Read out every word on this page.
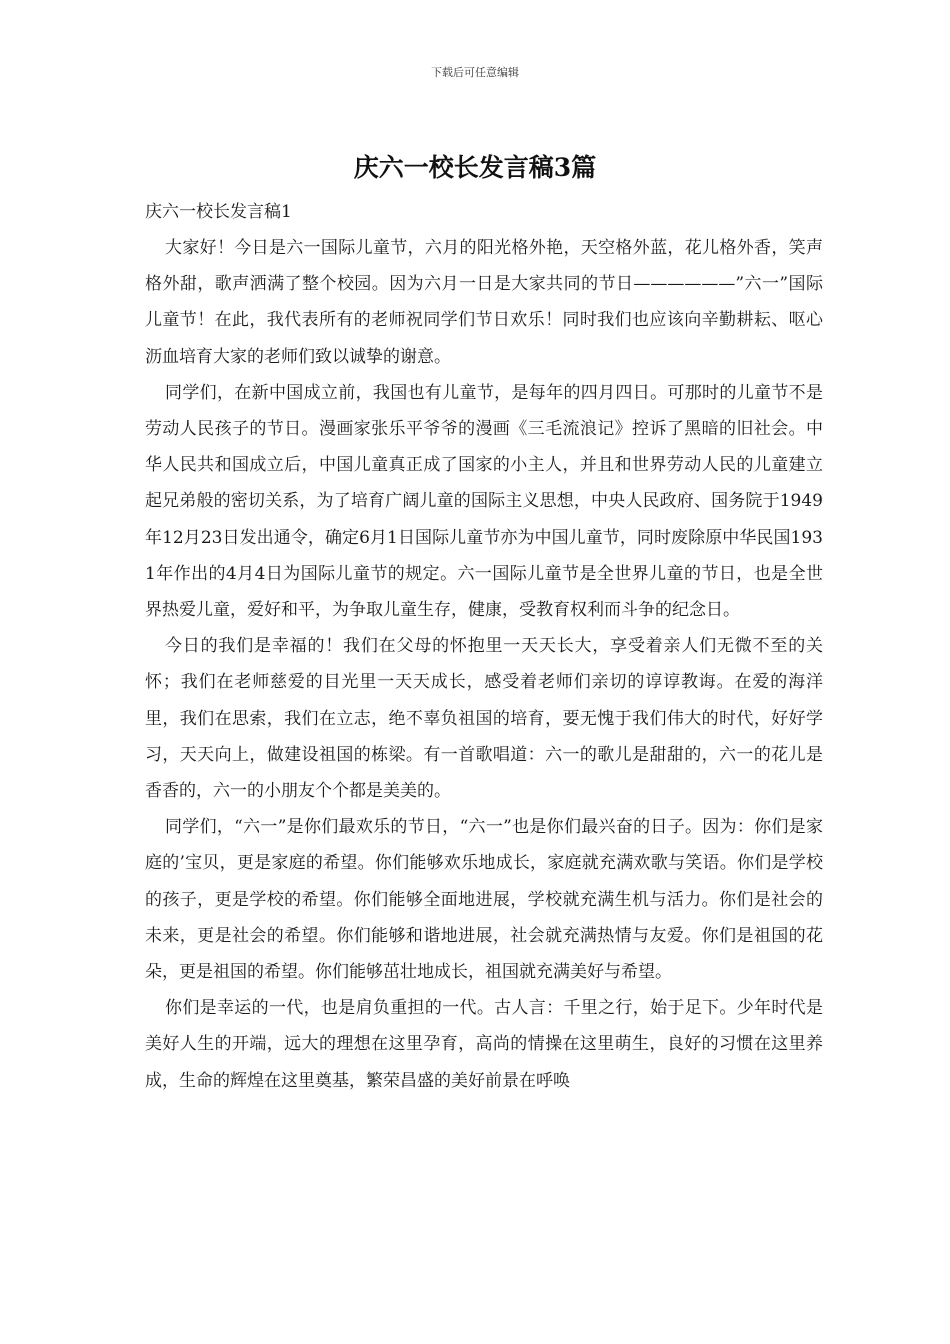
下载后可任意编辑
庆六一校长发言稿3篇

庆六一校长发言稿1

大家好！今日是六一国际儿童节，六月的阳光格外艳，天空格外蓝，花儿格外香，笑声格外甜，歌声洒满了整个校园。因为六月一日是大家共同的节日——————”六一”国际儿童节！在此，我代表所有的老师祝同学们节日欢乐！同时我们也应该向辛勤耕耘、呕心沥血培育大家的老师们致以诚挚的谢意。

同学们，在新中国成立前，我国也有儿童节，是每年的四月四日。可那时的儿童节不是劳动人民孩子的节日。漫画家张乐平爷爷的漫画《三毛流浪记》控诉了黑暗的旧社会。中华人民共和国成立后，中国儿童真正成了国家的小主人，并且和世界劳动人民的儿童建立起兄弟般的密切关系，为了培育广阔儿童的国际主义思想，中央人民政府、国务院于1949年12月23日发出通令，确定6月1日国际儿童节亦为中国儿童节，同时废除原中华民国1931年作出的4月4日为国际儿童节的规定。六一国际儿童节是全世界儿童的节日，也是全世界热爱儿童，爱好和平，为争取儿童生存，健康，受教育权利而斗争的纪念日。

今日的我们是幸福的！我们在父母的怀抱里一天天长大，享受着亲人们无微不至的关怀；我们在老师慈爱的目光里一天天成长，感受着老师们亲切的谆谆教诲。在爱的海洋里，我们在思索，我们在立志，绝不辜负祖国的培育，要无愧于我们伟大的时代，好好学习，天天向上，做建设祖国的栋梁。有一首歌唱道：六一的歌儿是甜甜的，六一的花儿是香香的，六一的小朋友个个都是美美的。

同学们，“六一”是你们最欢乐的节日，“六一”也是你们最兴奋的日子。因为：你们是家庭的’宝贝，更是家庭的希望。你们能够欢乐地成长，家庭就充满欢歌与笑语。你们是学校的孩子，更是学校的希望。你们能够全面地进展，学校就充满生机与活力。你们是社会的未来，更是社会的希望。你们能够和谐地进展，社会就充满热情与友爱。你们是祖国的花朵，更是祖国的希望。你们能够茁壮地成长，祖国就充满美好与希望。

你们是幸运的一代，也是肩负重担的一代。古人言：千里之行，始于足下。少年时代是美好人生的开端，远大的理想在这里孕育，高尚的情操在这里萌生，良好的习惯在这里养成，生命的辉煌在这里奠基，繁荣昌盛的美好前景在呼唤
